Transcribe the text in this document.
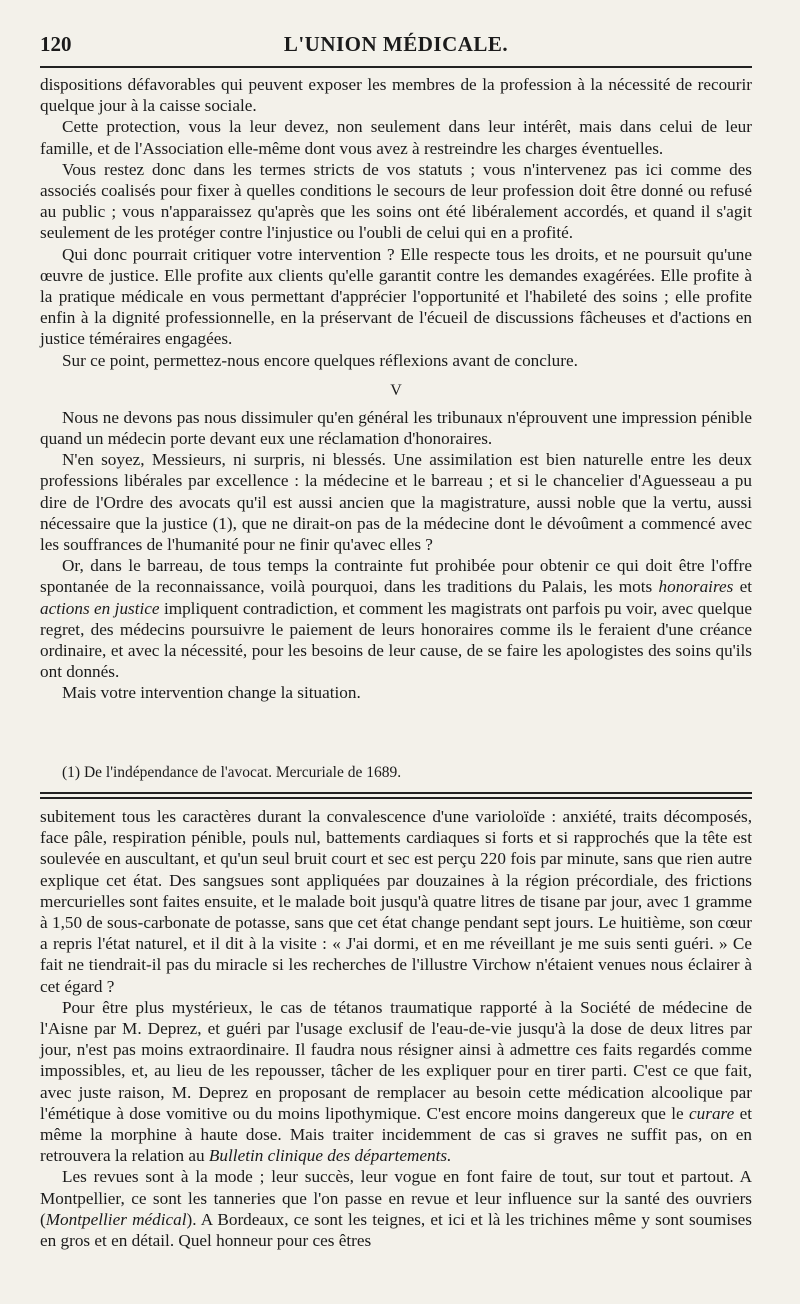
120	L'UNION MÉDICALE.

dispositions défavorables qui peuvent exposer les membres de la profession à la nécessité de recourir quelque jour à la caisse sociale.

Cette protection, vous la leur devez, non seulement dans leur intérêt, mais dans celui de leur famille, et de l'Association elle-même dont vous avez à restreindre les charges éventuelles.

Vous restez donc dans les termes stricts de vos statuts ; vous n'intervenez pas ici comme des associés coalisés pour fixer à quelles conditions le secours de leur profession doit être donné ou refusé au public ; vous n'apparaissez qu'après que les soins ont été libéralement accordés, et quand il s'agit seulement de les protéger contre l'injustice ou l'oubli de celui qui en a profité.

Qui donc pourrait critiquer votre intervention ? Elle respecte tous les droits, et ne poursuit qu'une œuvre de justice. Elle profite aux clients qu'elle garantit contre les demandes exagérées. Elle profite à la pratique médicale en vous permettant d'apprécier l'opportunité et l'habileté des soins ; elle profite enfin à la dignité professionnelle, en la préservant de l'écueil de discussions fâcheuses et d'actions en justice téméraires engagées.

Sur ce point, permettez-nous encore quelques réflexions avant de conclure.

V

Nous ne devons pas nous dissimuler qu'en général les tribunaux n'éprouvent une impression pénible quand un médecin porte devant eux une réclamation d'honoraires.

N'en soyez, Messieurs, ni surpris, ni blessés. Une assimilation est bien naturelle entre les deux professions libérales par excellence : la médecine et le barreau ; et si le chancelier d'Aguesseau a pu dire de l'Ordre des avocats qu'il est aussi ancien que la magistrature, aussi noble que la vertu, aussi nécessaire que la justice (1), que ne dirait-on pas de la médecine dont le dévoûment a commencé avec les souffrances de l'humanité pour ne finir qu'avec elles ?

Or, dans le barreau, de tous temps la contrainte fut prohibée pour obtenir ce qui doit être l'offre spontanée de la reconnaissance, voilà pourquoi, dans les traditions du Palais, les mots honoraires et actions en justice impliquent contradiction, et comment les magistrats ont parfois pu voir, avec quelque regret, des médecins poursuivre le paiement de leurs honoraires comme ils le feraient d'une créance ordinaire, et avec la nécessité, pour les besoins de leur cause, de se faire les apologistes des soins qu'ils ont donnés.

Mais votre intervention change la situation.

(1) De l'indépendance de l'avocat. Mercuriale de 1689.

subitement tous les caractères durant la convalescence d'une varioloïde : anxiété, traits décomposés, face pâle, respiration pénible, pouls nul, battements cardiaques si forts et si rapprochés que la tête est soulevée en auscultant, et qu'un seul bruit court et sec est perçu 220 fois par minute, sans que rien autre explique cet état. Des sangsues sont appliquées par douzaines à la région précordiale, des frictions mercurielles sont faites ensuite, et le malade boit jusqu'à quatre litres de tisane par jour, avec 1 gramme à 1,50 de sous-carbonate de potasse, sans que cet état change pendant sept jours. Le huitième, son cœur a repris l'état naturel, et il dit à la visite : « J'ai dormi, et en me réveillant je me suis senti guéri. » Ce fait ne tiendrait-il pas du miracle si les recherches de l'illustre Virchow n'étaient venues nous éclairer à cet égard ?

Pour être plus mystérieux, le cas de tétanos traumatique rapporté à la Société de médecine de l'Aisne par M. Deprez, et guéri par l'usage exclusif de l'eau-de-vie jusqu'à la dose de deux litres par jour, n'est pas moins extraordinaire. Il faudra nous résigner ainsi à admettre ces faits regardés comme impossibles, et, au lieu de les repousser, tâcher de les expliquer pour en tirer parti. C'est ce que fait, avec juste raison, M. Deprez en proposant de remplacer au besoin cette médication alcoolique par l'émétique à dose vomitive ou du moins lipothymique. C'est encore moins dangereux que le curare et même la morphine à haute dose. Mais traiter incidemment de cas si graves ne suffit pas, on en retrouvera la relation au Bulletin clinique des départements.

Les revues sont à la mode ; leur succès, leur vogue en font faire de tout, sur tout et partout. A Montpellier, ce sont les tanneries que l'on passe en revue et leur influence sur la santé des ouvriers (Montpellier médical). A Bordeaux, ce sont les teignes, et ici et là les trichines même y sont soumises en gros et en détail. Quel honneur pour ces êtres
